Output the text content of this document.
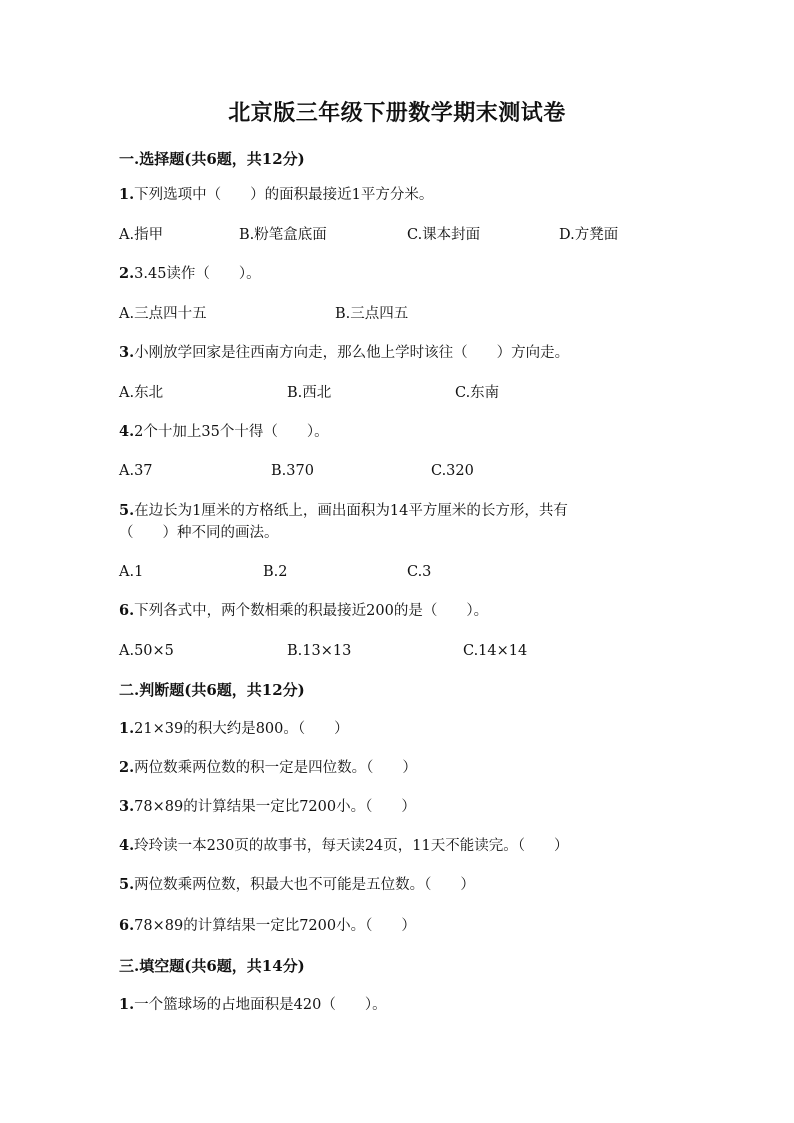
北京版三年级下册数学期末测试卷
一.选择题(共6题，共12分)
1.下列选项中（　　）的面积最接近1平方分米。
A.指甲	B.粉笔盒底面	C.课本封面	D.方凳面
2.3.45读作（　　）。
A.三点四十五	B.三点四五
3.小刚放学回家是往西南方向走，那么他上学时该往（　　）方向走。
A.东北	B.西北	C.东南
4.2个十加上35个十得（　　）。
A.37	B.370	C.320
5.在边长为1厘米的方格纸上，画出面积为14平方厘米的长方形，共有
（　　）种不同的画法。
A.1	B.2	C.3
6.下列各式中，两个数相乘的积最接近200的是（　　）。
A.50×5	B.13×13	C.14×14
二.判断题(共6题，共12分)
1.21×39的积大约是800。（　　）
2.两位数乘两位数的积一定是四位数。（　　）
3.78×89的计算结果一定比7200小。（　　）
4.玲玲读一本230页的故事书，每天读24页，11天不能读完。（　　）
5.两位数乘两位数，积最大也不可能是五位数。（　　）
6.78×89的计算结果一定比7200小。（　　）
三.填空题(共6题，共14分)
1.一个篮球场的占地面积是420（　　）。
